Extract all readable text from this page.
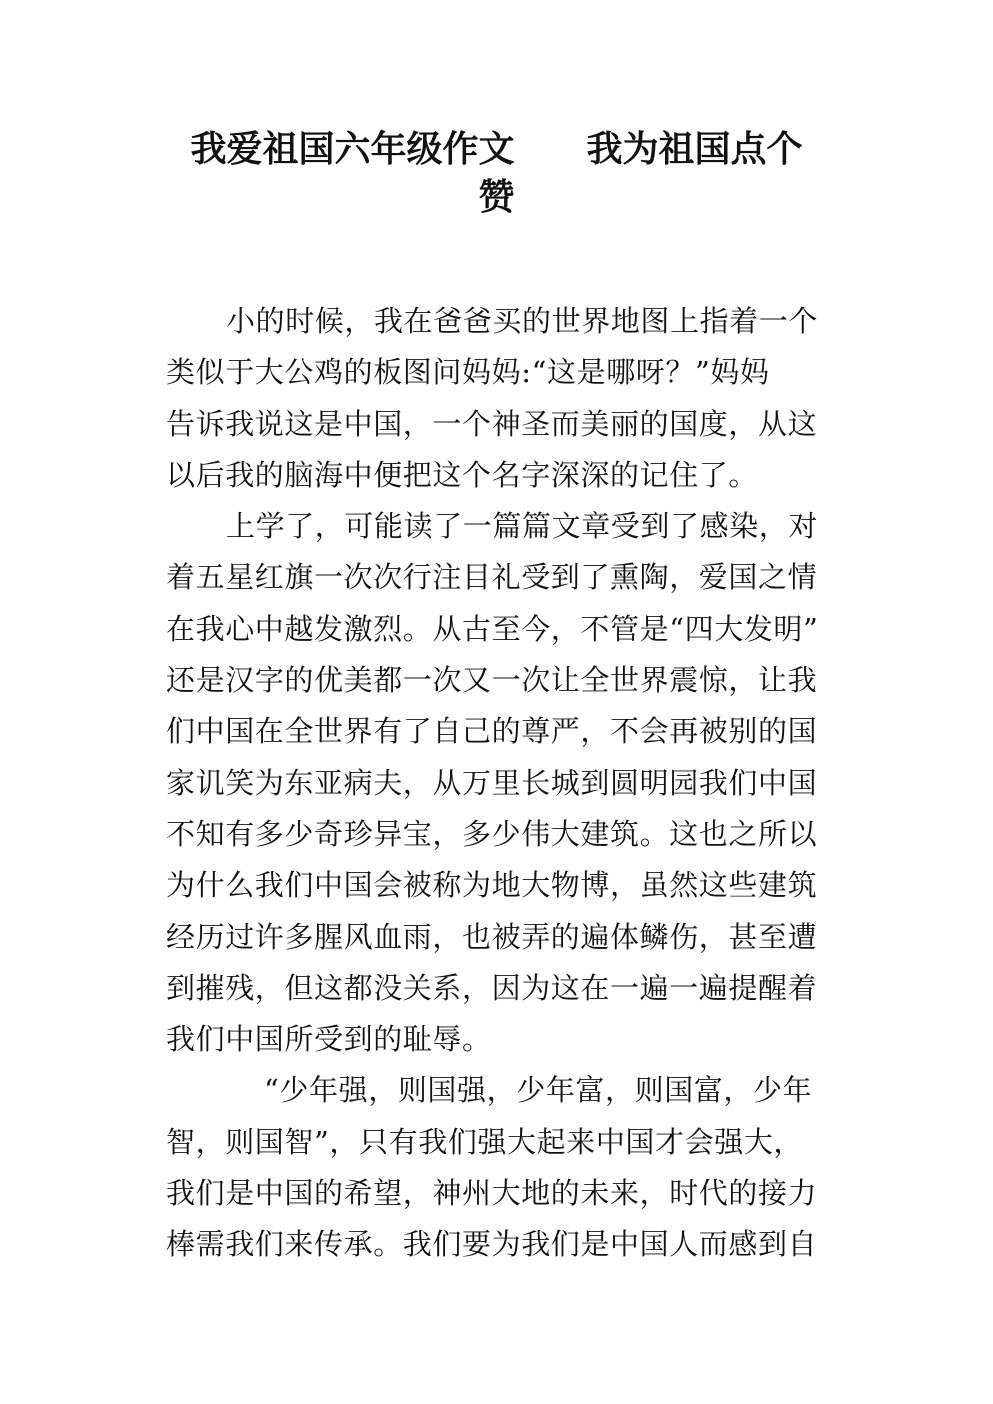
我爱祖国六年级作文　　我为祖国点个
赞
小的时候，我在爸爸买的世界地图上指着一个
类似于大公鸡的板图问妈妈:“这是哪呀？”妈妈
告诉我说这是中国，一个神圣而美丽的国度，从这
以后我的脑海中便把这个名字深深的记住了。
上学了，可能读了一篇篇文章受到了感染，对
着五星红旗一次次行注目礼受到了熏陶，爱国之情
在我心中越发激烈。从古至今，不管是“四大发明”
还是汉字的优美都一次又一次让全世界震惊，让我
们中国在全世界有了自己的尊严，不会再被别的国
家讥笑为东亚病夫，从万里长城到圆明园我们中国
不知有多少奇珍异宝，多少伟大建筑。这也之所以
为什么我们中国会被称为地大物博，虽然这些建筑
经历过许多腥风血雨，也被弄的遍体鳞伤，甚至遭
到摧残，但这都没关系，因为这在一遍一遍提醒着
我们中国所受到的耻辱。
“少年强，则国强，少年富，则国富，少年
智，则国智”，只有我们强大起来中国才会强大，
我们是中国的希望，神州大地的未来，时代的接力
棒需我们来传承。我们要为我们是中国人而感到自
